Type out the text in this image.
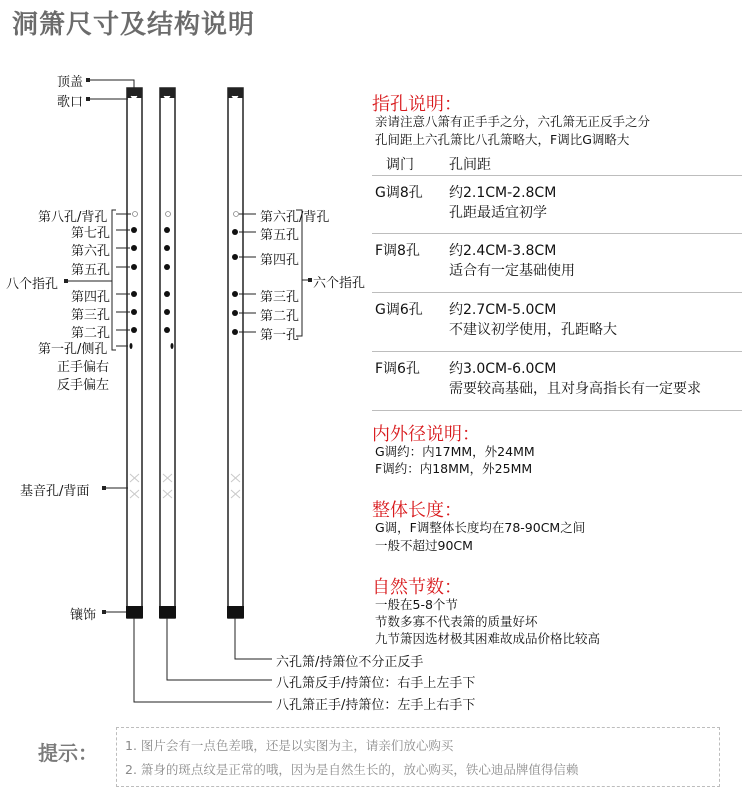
洞箫尺寸及结构说明
顶盖
歌口
第八孔/背孔
第七孔
第六孔
第五孔
八个指孔
第四孔
第三孔
第二孔
第一孔/侧孔
正手偏右
反手偏左
基音孔/背面
镶饰
第六孔/背孔
第五孔
第四孔
六个指孔
第三孔
第二孔
第一孔
六孔箫/持箫位不分正反手
八孔箫反手/持箫位：右手上左手下
八孔箫正手/持箫位：左手上右手下
指孔说明：
亲请注意八箫有正手手之分，六孔箫无正反手之分
孔间距上六孔箫比八孔箫略大，F调比G调略大
调门	孔间距
G调8孔 约2.1CM-2.8CM
孔距最适宜初学
F调8孔 约2.4CM-3.8CM
适合有一定基础使用
G调6孔 约2.7CM-5.0CM
不建议初学使用，孔距略大
F调6孔 约3.0CM-6.0CM
需要较高基础，且对身高指长有一定要求
内外径说明：
G调约：内17MM，外24MM
F调约：内18MM，外25MM
整体长度：
G调，F调整体长度均在78-90CM之间
一般不超过90CM
自然节数：
一般在5-8个节
节数多寡不代表箫的质量好坏
九节箫因选材极其困难故成品价格比较高
提示： 1. 图片会有一点色差哦，还是以实图为主，请亲们放心购买
2. 箫身的斑点纹是正常的哦，因为是自然生长的，放心购买，铁心迪品牌值得信赖
